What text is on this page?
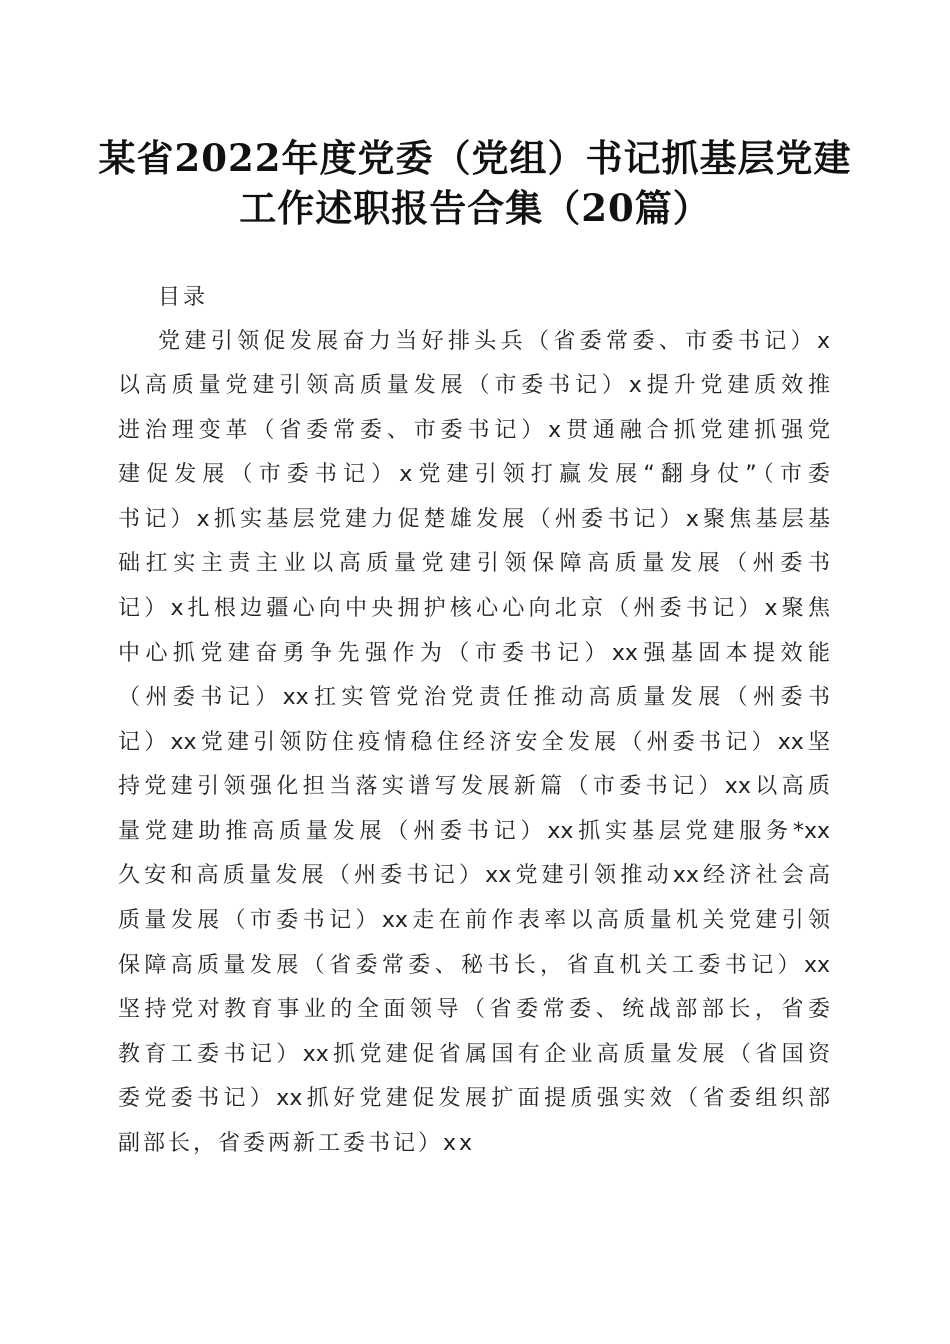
某省2022年度党委（党组）书记抓基层党建
工作述职报告合集（20篇）
目录
党建引领促发展奋力当好排头兵（省委常委、市委书记）x
以高质量党建引领高质量发展（市委书记）x提升党建质效推
进治理变革（省委常委、市委书记）x贯通融合抓党建抓强党
建促发展（市委书记）x党建引领打赢发展“翻身仗”（市委
书记）x抓实基层党建力促楚雄发展（州委书记）x聚焦基层基
础扛实主责主业以高质量党建引领保障高质量发展（州委书
记）x扎根边疆心向中央拥护核心心向北京（州委书记）x聚焦
中心抓党建奋勇争先强作为（市委书记）xx强基固本提效能
（州委书记）xx扛实管党治党责任推动高质量发展（州委书
记）xx党建引领防住疫情稳住经济安全发展（州委书记）xx坚
持党建引领强化担当落实谱写发展新篇（市委书记）xx以高质
量党建助推高质量发展（州委书记）xx抓实基层党建服务*xx
久安和高质量发展（州委书记）xx党建引领推动xx经济社会高
质量发展（市委书记）xx走在前作表率以高质量机关党建引领
保障高质量发展（省委常委、秘书长，省直机关工委书记）xx
坚持党对教育事业的全面领导（省委常委、统战部部长，省委
教育工委书记）xx抓党建促省属国有企业高质量发展（省国资
委党委书记）xx抓好党建促发展扩面提质强实效（省委组织部
副部长，省委两新工委书记）xx
